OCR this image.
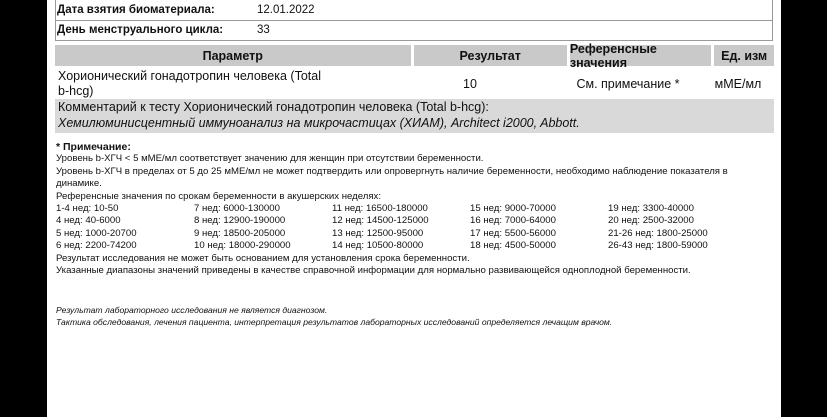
Дата взятия биоматериала:	12.01.2022
День менструального цикла:	33
Параметр	Результат	Референсные значения	Ед. изм
Хорионический гонадотропин человека (Total b-hcg)	10	См. примечание *	мМЕ/мл
Комментарий к тесту Хорионический гонадотропин человека (Total b-hcg):
Хемилюминисцентный иммуноанализ на микрочастицах (ХИАМ), Architect i2000, Abbott.
* Примечание:
Уровень b-ХГЧ < 5 мМЕ/мл соответствует значению для женщин при отсутствии беременности.
Уровень b-ХГЧ в пределах от 5 до 25 мМЕ/мл не может подтвердить или опровергнуть наличие беременности, необходимо наблюдение показателя в динамике.
Референсные значения по срокам беременности в акушерских неделях:
1-4 нед: 10-50	7 нед: 6000-130000	11 нед: 16500-180000	15 нед: 9000-70000	19 нед: 3300-40000
4 нед: 40-6000	8 нед: 12900-190000	12 нед: 14500-125000	16 нед: 7000-64000	20 нед: 2500-32000
5 нед: 1000-20700	9 нед: 18500-205000	13 нед: 12500-95000	17 нед: 5500-56000	21-26 нед: 1800-25000
6 нед: 2200-74200	10 нед: 18000-290000	14 нед: 10500-80000	18 нед: 4500-50000	26-43 нед: 1800-59000
Результат исследования не может быть основанием для установления срока беременности.
Указанные диапазоны значений приведены в качестве справочной информации для нормально развивающейся одноплодной беременности.
Результат лабораторного исследования не является диагнозом.
Тактика обследования, лечения пациента, интерпретация результатов лабораторных исследований определяется лечащим врачом.
